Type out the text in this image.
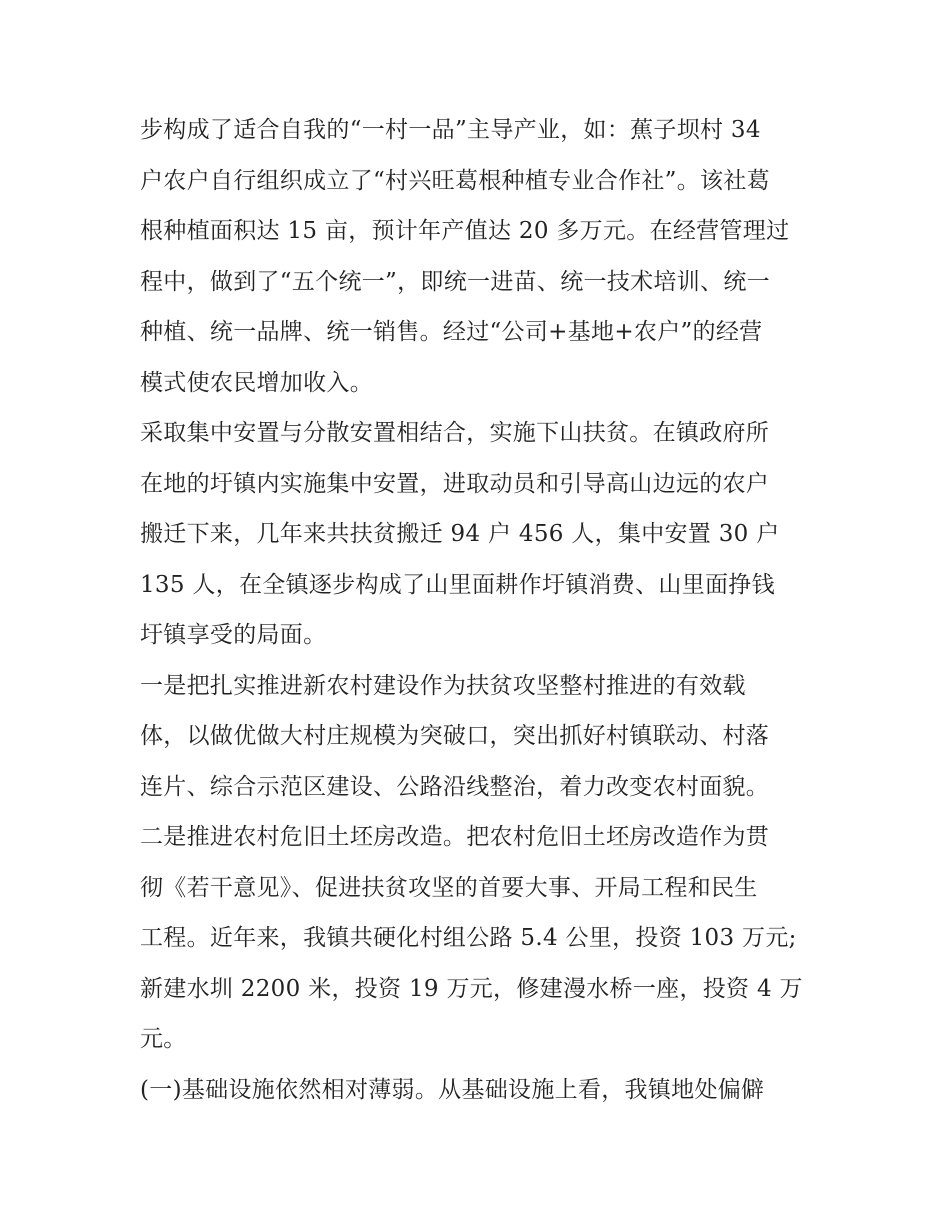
步构成了适合自我的“一村一品”主导产业，如：蕉子坝村 34
户农户自行组织成立了“村兴旺葛根种植专业合作社”。该社葛
根种植面积达 15 亩，预计年产值达 20 多万元。在经营管理过
程中，做到了“五个统一”，即统一进苗、统一技术培训、统一
种植、统一品牌、统一销售。经过“公司+基地+农户”的经营
模式使农民增加收入。
采取集中安置与分散安置相结合，实施下山扶贫。在镇政府所
在地的圩镇内实施集中安置，进取动员和引导高山边远的农户
搬迁下来，几年来共扶贫搬迁 94 户 456 人，集中安置 30 户
135 人，在全镇逐步构成了山里面耕作圩镇消费、山里面挣钱
圩镇享受的局面。
一是把扎实推进新农村建设作为扶贫攻坚整村推进的有效载
体，以做优做大村庄规模为突破口，突出抓好村镇联动、村落
连片、综合示范区建设、公路沿线整治，着力改变农村面貌。
二是推进农村危旧土坯房改造。把农村危旧土坯房改造作为贯
彻《若干意见》、促进扶贫攻坚的首要大事、开局工程和民生
工程。近年来，我镇共硬化村组公路 5.4 公里，投资 103 万元;
新建水圳 2200 米，投资 19 万元，修建漫水桥一座，投资 4 万
元。
(一)基础设施依然相对薄弱。从基础设施上看，我镇地处偏僻
